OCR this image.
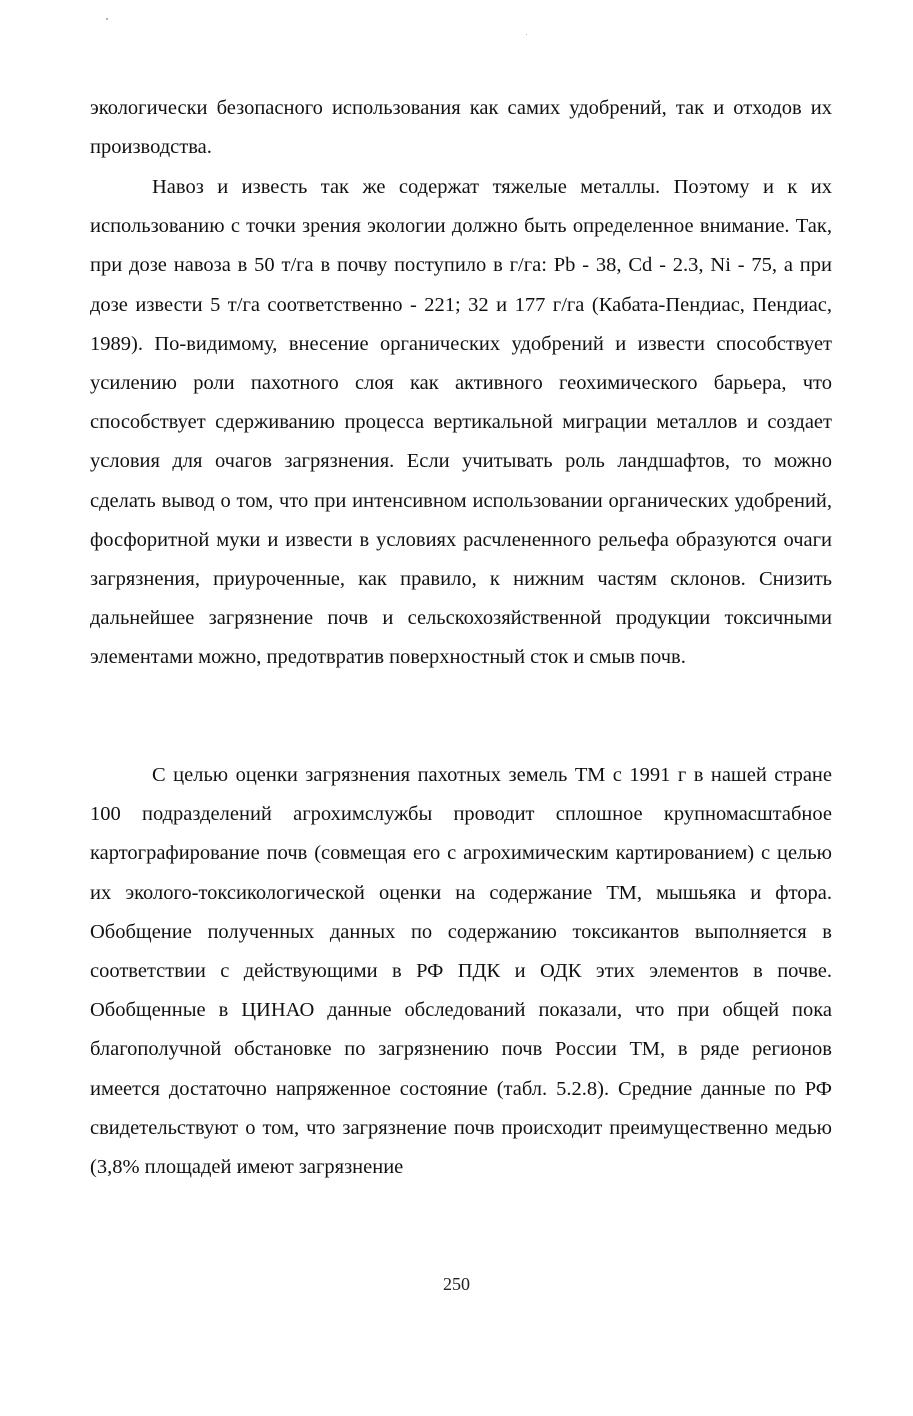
экологически безопасного использования как самих удобрений, так и отходов их производства.

Навоз и известь так же содержат тяжелые металлы. Поэтому и к их использованию с точки зрения экологии должно быть определенное внимание. Так, при дозе навоза в 50 т/га в почву поступило в г/га: Pb - 38, Cd - 2.3, Ni - 75, а при дозе извести 5 т/га соответственно - 221; 32 и 177 г/га (Кабата-Пендиас, Пендиас, 1989). По-видимому, внесение органических удобрений и извести способствует усилению роли пахотного слоя как активного геохимического барьера, что способствует сдерживанию процесса вертикальной миграции металлов и создает условия для очагов загрязнения. Если учитывать роль ландшафтов, то можно сделать вывод о том, что при интенсивном использовании органических удобрений, фосфоритной муки и извести в условиях расчлененного рельефа образуются очаги загрязнения, приуроченные, как правило, к нижним частям склонов. Снизить дальнейшее загрязнение почв и сельскохозяйственной продукции токсичными элементами можно, предотвратив поверхностный сток и смыв почв.

С целью оценки загрязнения пахотных земель ТМ с 1991 г в нашей стране 100 подразделений агрохимслужбы проводит сплошное крупномасштабное картографирование почв (совмещая его с агрохимическим картированием) с целью их эколого-токсикологической оценки на содержание ТМ, мышьяка и фтора. Обобщение полученных данных по содержанию токсикантов выполняется в соответствии с действующими в РФ ПДК и ОДК этих элементов в почве. Обобщенные в ЦИНАО данные обследований показали, что при общей пока благополучной обстановке по загрязнению почв России ТМ, в ряде регионов имеется достаточно напряженное состояние (табл. 5.2.8). Средние данные по РФ свидетельствуют о том, что загрязнение почв происходит преимущественно медью (3,8% площадей имеют загрязнение

250
